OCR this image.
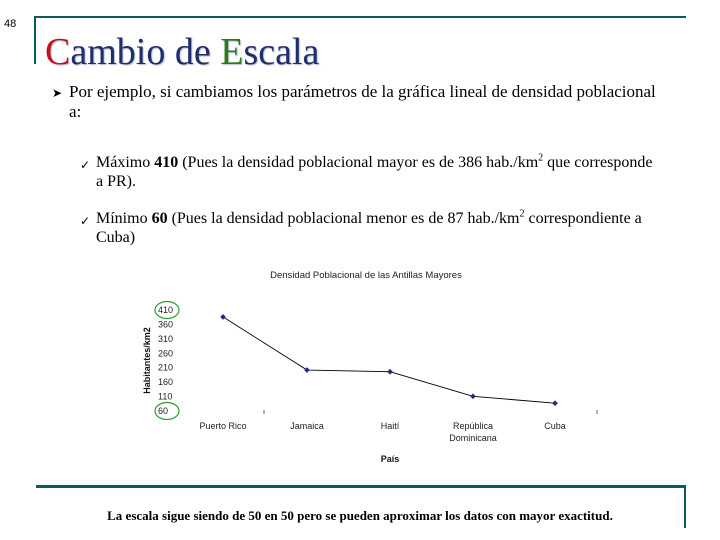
48
Cambio de Escala
➤ Por ejemplo, si cambiamos los parámetros de la gráfica lineal de densidad poblacional a:
✓ Máximo 410 (Pues la densidad poblacional mayor es de 386 $hab./km^2$ que corresponde a PR).
✓ Mínimo 60 (Pues la densidad poblacional menor es de 87 $hab./km^2$ correspondiente a Cuba)
Densidad Poblacional de las Antillas Mayores
Habitantes/km2
410
360
310
260
210
160
110
60
Puerto Rico	Jamaica	Haití	República Dominicana
Cuba
País
La escala sigue siendo de 50 en 50 pero se pueden aproximar los datos con mayor exactitud.
